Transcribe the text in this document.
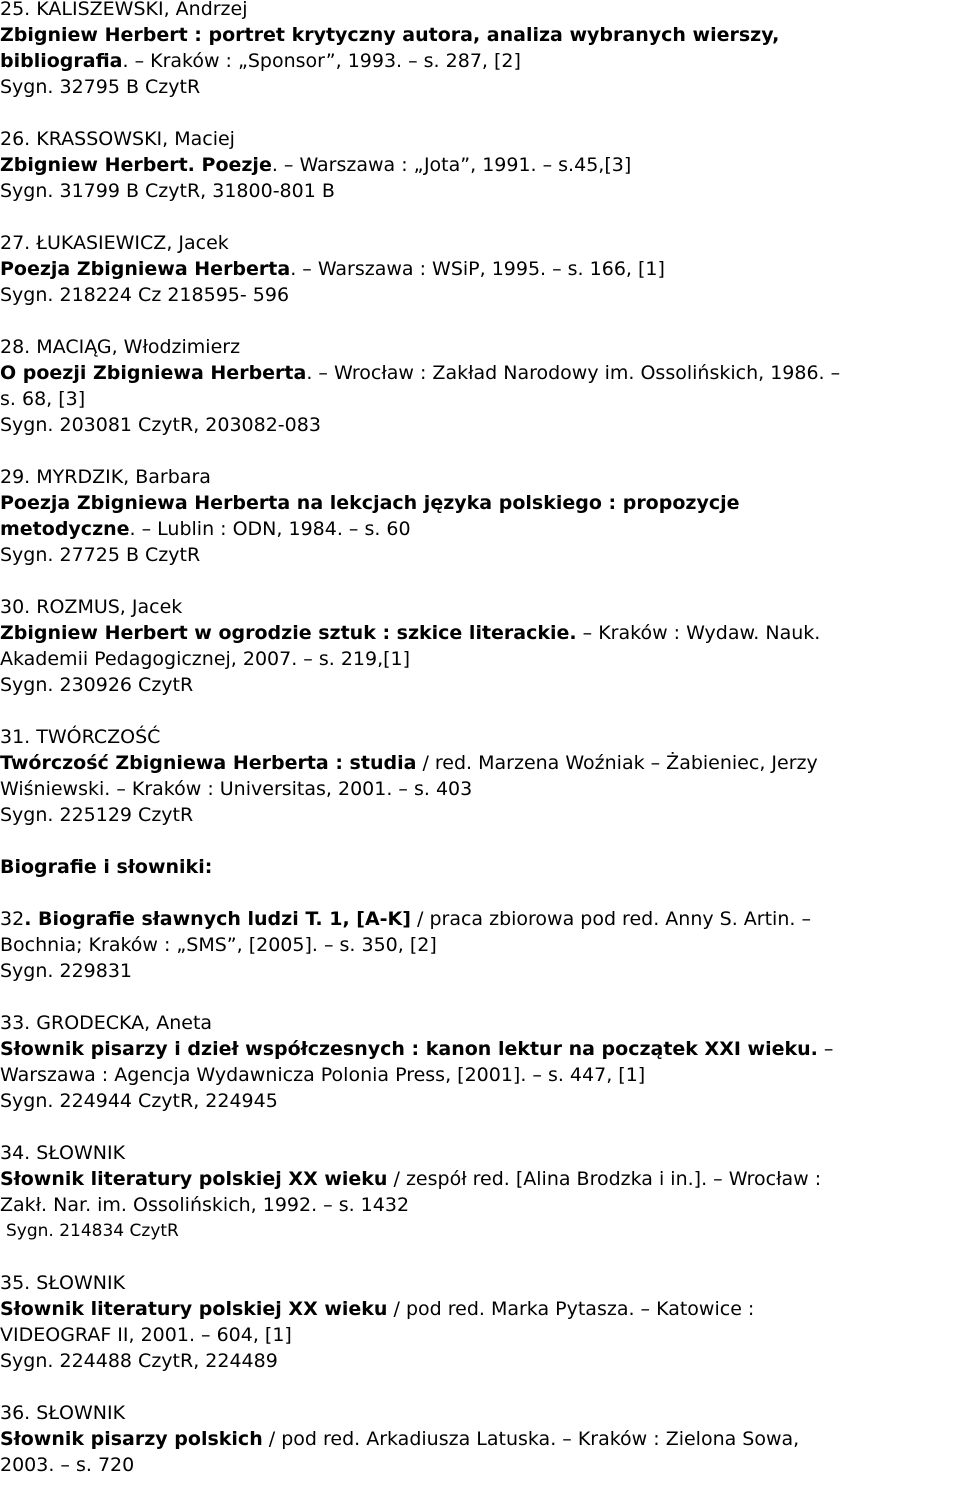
25. KALISZEWSKI, Andrzej
Zbigniew Herbert : portret krytyczny autora, analiza wybranych wierszy,
bibliografia. – Kraków : „Sponsor”, 1993. – s. 287, [2]
Sygn. 32795 B CzytR
26. KRASSOWSKI, Maciej
Zbigniew Herbert. Poezje. – Warszawa : „Jota”, 1991. – s.45,[3]
Sygn. 31799 B CzytR, 31800-801 B
27. ŁUKASIEWICZ, Jacek
Poezja Zbigniewa Herberta. – Warszawa : WSiP, 1995. – s. 166, [1]
Sygn. 218224 Cz 218595- 596
28. MACIĄG, Włodzimierz
O poezji Zbigniewa Herberta. – Wrocław : Zakład Narodowy im. Ossolińskich, 1986. –
s. 68, [3]
Sygn. 203081 CzytR, 203082-083
29. MYRDZIK, Barbara
Poezja Zbigniewa Herberta na lekcjach języka polskiego : propozycje
metodyczne. – Lublin : ODN, 1984. – s. 60
Sygn. 27725 B CzytR
30. ROZMUS, Jacek
Zbigniew Herbert w ogrodzie sztuk : szkice literackie. – Kraków : Wydaw. Nauk.
Akademii Pedagogicznej, 2007. – s. 219,[1]
Sygn. 230926 CzytR
31. TWÓRCZOŚĆ
Twórczość Zbigniewa Herberta : studia / red. Marzena Woźniak – Żabieniec, Jerzy
Wiśniewski. – Kraków : Universitas, 2001. – s. 403
Sygn. 225129 CzytR
Biografie i słowniki:
32. Biografie sławnych ludzi T. 1, [A-K] / praca zbiorowa pod red. Anny S. Artin. –
Bochnia; Kraków : „SMS”, [2005]. – s. 350, [2]
Sygn. 229831
33. GRODECKA, Aneta
Słownik pisarzy i dzieł współczesnych : kanon lektur na początek XXI wieku. –
Warszawa : Agencja Wydawnicza Polonia Press, [2001]. – s. 447, [1]
Sygn. 224944 CzytR, 224945
34. SŁOWNIK
Słownik literatury polskiej XX wieku / zespół red. [Alina Brodzka i in.]. – Wrocław :
Zakł. Nar. im. Ossolińskich, 1992. – s. 1432
Sygn. 214834 CzytR
35. SŁOWNIK
Słownik literatury polskiej XX wieku / pod red. Marka Pytasza. – Katowice :
VIDEOGRAF II, 2001. – 604, [1]
Sygn. 224488 CzytR, 224489
36. SŁOWNIK
Słownik pisarzy polskich / pod red. Arkadiusza Latuska. – Kraków : Zielona Sowa,
2003. – s. 720
